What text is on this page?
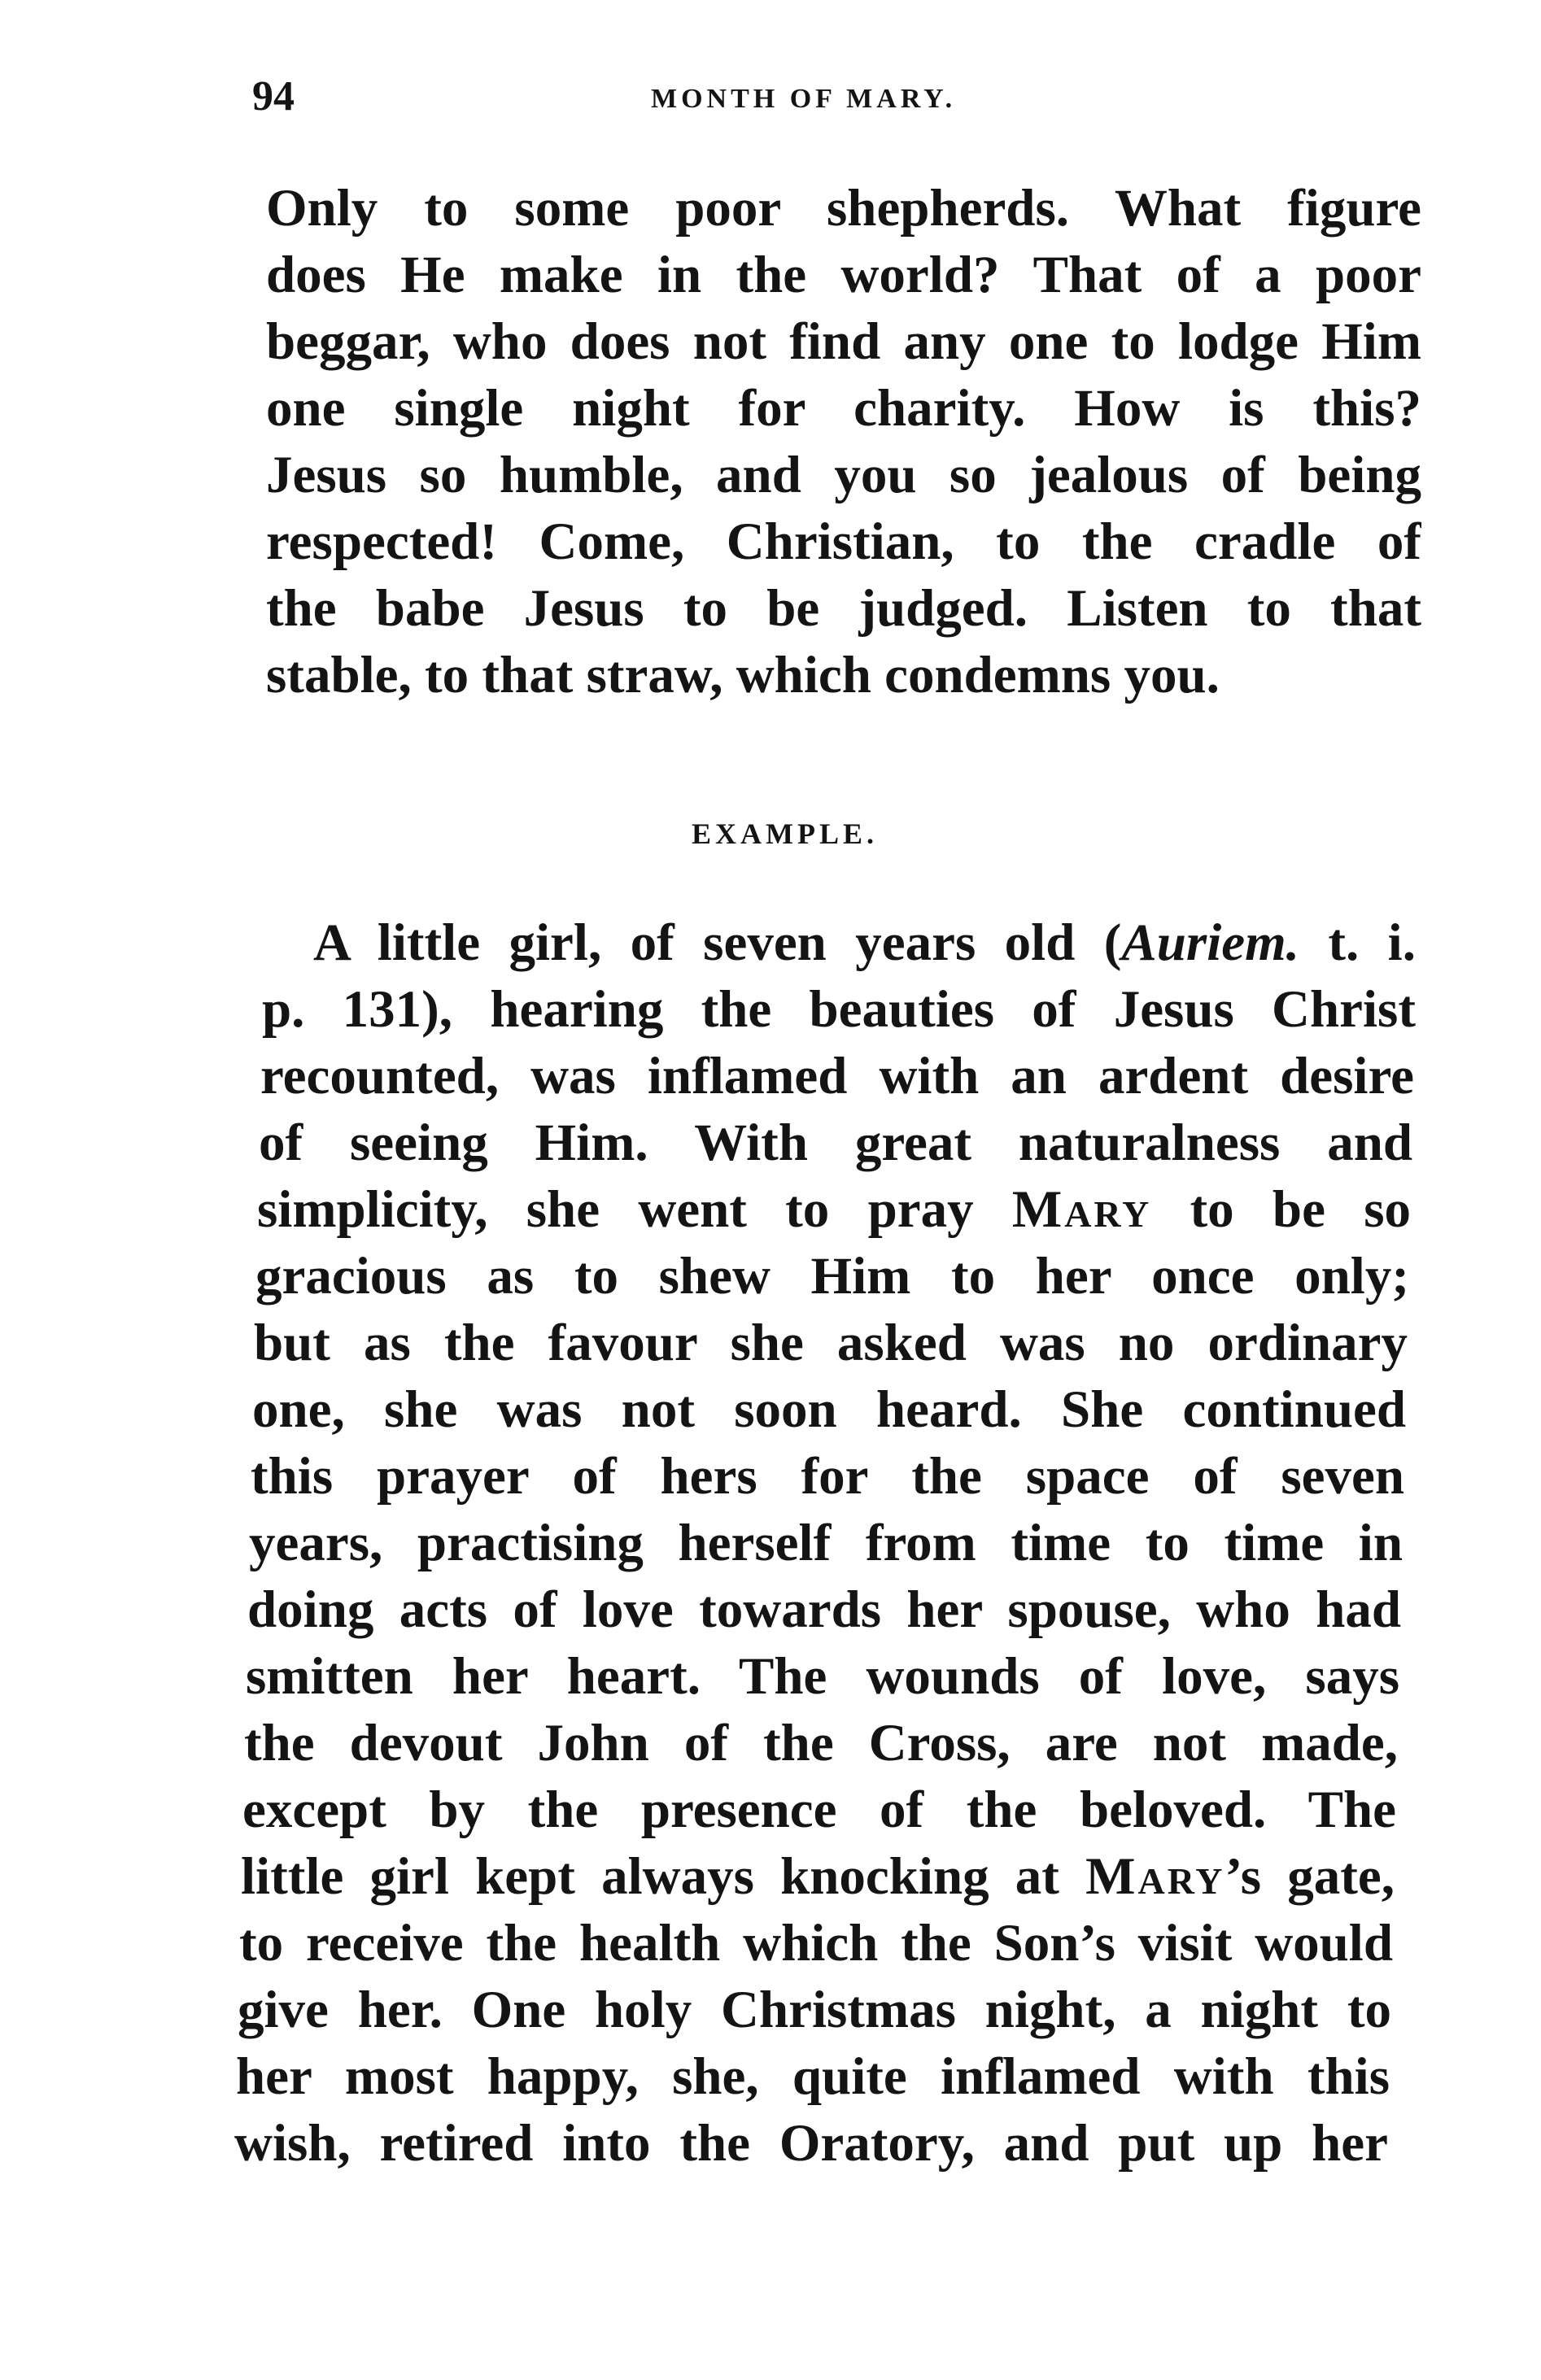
94	MONTH OF MARY.
Only to some poor shepherds. What figure
does He make in the world? That of a poor
beggar, who does not find any one to lodge Him
one single night for charity. How is this?
Jesus so humble, and you so jealous of being
respected! Come, Christian, to the cradle of
the babe Jesus to be judged. Listen to that
stable, to that straw, which condemns you.
EXAMPLE.
A little girl, of seven years old (Auriem. t. i.
p. 131), hearing the beauties of Jesus Christ
recounted, was inflamed with an ardent desire
of seeing Him. With great naturalness and
simplicity, she went to pray Mary to be so
gracious as to shew Him to her once only;
but as the favour she asked was no ordinary
one, she was not soon heard. She continued
this prayer of hers for the space of seven
years, practising herself from time to time in
doing acts of love towards her spouse, who had
smitten her heart. The wounds of love, says
the devout John of the Cross, are not made,
except by the presence of the beloved. The
little girl kept always knocking at Mary’s gate,
to receive the health which the Son’s visit would
give her. One holy Christmas night, a night to
her most happy, she, quite inflamed with this
wish, retired into the Oratory, and put up her
